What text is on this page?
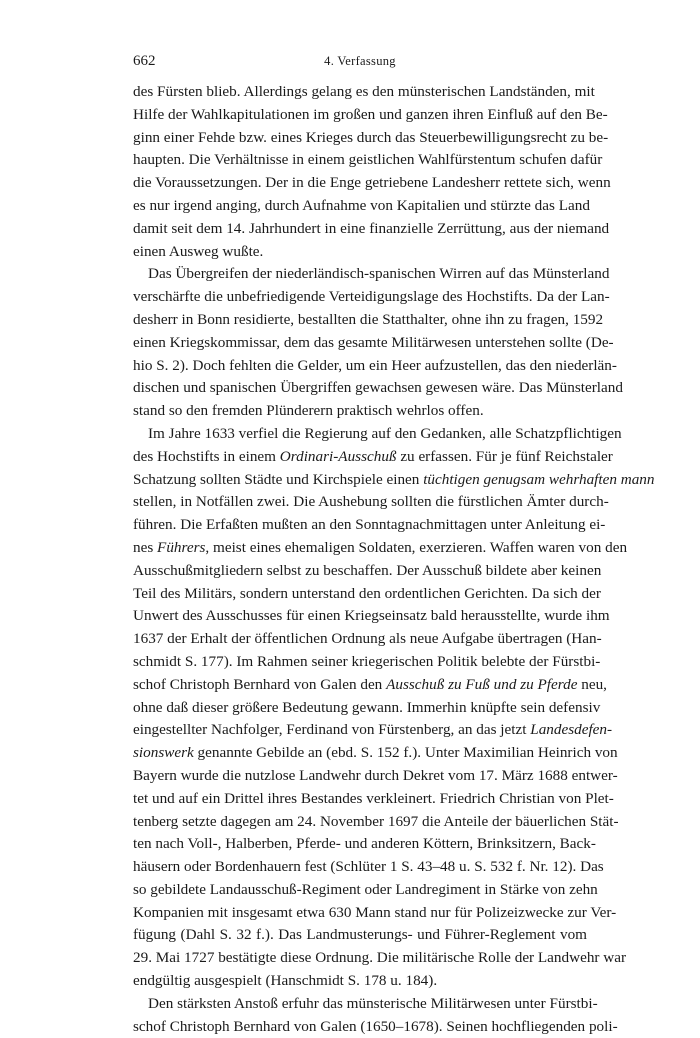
662	4. Verfassung
des Fürsten blieb. Allerdings gelang es den münsterischen Landständen, mit
Hilfe der Wahlkapitulationen im großen und ganzen ihren Einfluß auf den Be-
ginn einer Fehde bzw. eines Krieges durch das Steuerbewilligungsrecht zu be-
haupten. Die Verhältnisse in einem geistlichen Wahlfürstentum schufen dafür
die Voraussetzungen. Der in die Enge getriebene Landesherr rettete sich, wenn
es nur irgend anging, durch Aufnahme von Kapitalien und stürzte das Land
damit seit dem 14. Jahrhundert in eine finanzielle Zerrüttung, aus der niemand
einen Ausweg wußte.
Das Übergreifen der niederländisch-spanischen Wirren auf das Münsterland
verschärfte die unbefriedigende Verteidigungslage des Hochstifts. Da der Lan-
desherr in Bonn residierte, bestallten die Statthalter, ohne ihn zu fragen, 1592
einen Kriegskommissar, dem das gesamte Militärwesen unterstehen sollte (De-
hio S. 2). Doch fehlten die Gelder, um ein Heer aufzustellen, das den niederlän-
dischen und spanischen Übergriffen gewachsen gewesen wäre. Das Münsterland
stand so den fremden Plünderern praktisch wehrlos offen.
Im Jahre 1633 verfiel die Regierung auf den Gedanken, alle Schatzpflichtigen
des Hochstifts in einem Ordinari-Ausschuß zu erfassen. Für je fünf Reichstaler
Schatzung sollten Städte und Kirchspiele einen tüchtigen genugsam wehrhaften mann
stellen, in Notfällen zwei. Die Aushebung sollten die fürstlichen Ämter durch-
führen. Die Erfaßten mußten an den Sonntagnachmittagen unter Anleitung ei-
nes Führers, meist eines ehemaligen Soldaten, exerzieren. Waffen waren von den
Ausschußmitgliedern selbst zu beschaffen. Der Ausschuß bildete aber keinen
Teil des Militärs, sondern unterstand den ordentlichen Gerichten. Da sich der
Unwert des Ausschusses für einen Kriegseinsatz bald herausstellte, wurde ihm
1637 der Erhalt der öffentlichen Ordnung als neue Aufgabe übertragen (Han-
schmidt S. 177). Im Rahmen seiner kriegerischen Politik belebte der Fürstbi-
schof Christoph Bernhard von Galen den Ausschuß zu Fuß und zu Pferde neu,
ohne daß dieser größere Bedeutung gewann. Immerhin knüpfte sein defensiv
eingestellter Nachfolger, Ferdinand von Fürstenberg, an das jetzt Landesdefen-
sionswerk genannte Gebilde an (ebd. S. 152 f.). Unter Maximilian Heinrich von
Bayern wurde die nutzlose Landwehr durch Dekret vom 17. März 1688 entwer-
tet und auf ein Drittel ihres Bestandes verkleinert. Friedrich Christian von Plet-
tenberg setzte dagegen am 24. November 1697 die Anteile der bäuerlichen Stät-
ten nach Voll-, Halberben, Pferde- und anderen Köttern, Brinksitzern, Back-
häusern oder Bordenhauern fest (Schlüter 1 S. 43–48 u. S. 532 f. Nr. 12). Das
so gebildete Landausschuß-Regiment oder Landregiment in Stärke von zehn
Kompanien mit insgesamt etwa 630 Mann stand nur für Polizeizwecke zur Ver-
fügung (Dahl S. 32 f.). Das Landmusterungs- und Führer-Reglement vom
29. Mai 1727 bestätigte diese Ordnung. Die militärische Rolle der Landwehr war
endgültig ausgespielt (Hanschmidt S. 178 u. 184).
Den stärksten Anstoß erfuhr das münsterische Militärwesen unter Fürstbi-
schof Christoph Bernhard von Galen (1650–1678). Seinen hochfliegenden poli-
